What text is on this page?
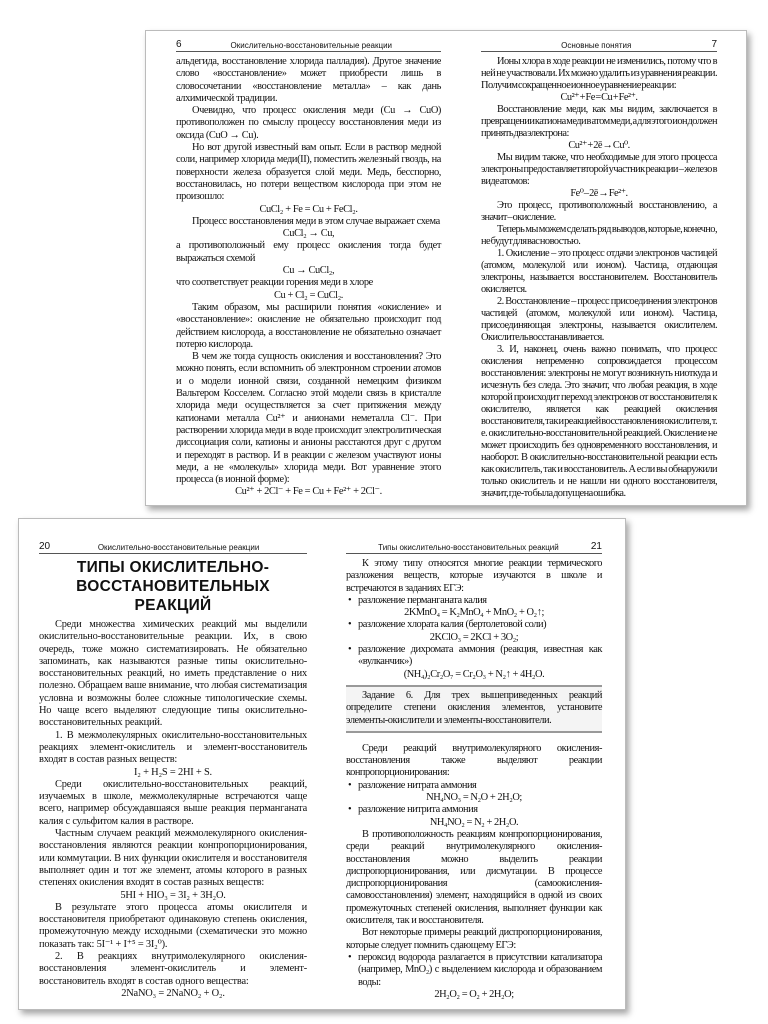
6	Окислительно-восстановительные реакции
альдегида, восстановление хлорида палладия). Другое значение слово «восстановление» может приобрести лишь в словосочетании «восстановление металла» – как дань алхимической традиции.
Очевидно, что процесс окисления меди (Cu → CuO) противоположен по смыслу процессу восстановления меди из оксида (CuO → Cu).
Но вот другой известный вам опыт. Если в раствор медной соли, например хлорида меди(II), поместить железный гвоздь, на поверхности железа образуется слой меди. Медь, бесспорно, восстановилась, но потери веществом кислорода при этом не произошло:
CuCl₂ + Fe = Cu + FeCl₂.
Процесс восстановления меди в этом случае выражает схема
CuCl₂ → Cu,
а противоположный ему процесс окисления тогда будет выражаться схемой
Cu → CuCl₂,
что соответствует реакции горения меди в хлоре
Cu + Cl₂ = CuCl₂.
Таким образом, мы расширили понятия «окисление» и «восстановление»: окисление не обязательно происходит под действием кислорода, а восстановление не обязательно означает потерю кислорода.
В чем же тогда сущность окисления и восстановления? Это можно понять, если вспомнить об электронном строении атомов и о модели ионной связи, созданной немецким физиком Вальтером Косселем. Согласно этой модели связь в кристалле хлорида меди осуществляется за счет притяжения между катионами металла Cu²⁺ и анионами неметалла Cl⁻. При растворении хлорида меди в воде происходит электролитическая диссоциация соли, катионы и анионы расстаются друг с другом и переходят в раствор. И в реакции с железом участвуют ионы меди, а не «молекулы» хлорида меди. Вот уравнение этого процесса (в ионной форме):
Cu²⁺ + 2Cl⁻ + Fe = Cu + Fe²⁺ + 2Cl⁻.
Основные понятия	7
Ионы хлора в ходе реакции не изменились, потому что в ней не участвовали. Их можно удалить из уравнения реакции. Получим сокращенное ионное уравнение реакции:
Cu²⁺ + Fe = Cu + Fe²⁺.
Восстановление меди, как мы видим, заключается в превращении катиона меди в атом меди, а для этого ион должен принять два электрона:
Cu²⁺ + 2ē → Cu⁰.
Мы видим также, что необходимые для этого процесса электроны предоставляет второй участник реакции – железо в виде атомов:
Fe⁰ – 2ē → Fe²⁺.
Это процесс, противоположный восстановлению, а значит – окисление.
Теперь мы можем сделать ряд выводов, которые, конечно, не будут для вас новостью.
1. Окисление – это процесс отдачи электронов частицей (атомом, молекулой или ионом). Частица, отдающая электроны, называется восстановителем. Восстановитель окисляется.
2. Восстановление – процесс присоединения электронов частицей (атомом, молекулой или ионом). Частица, присоединяющая электроны, называется окислителем. Окислитель восстанавливается.
3. И, наконец, очень важно понимать, что процесс окисления непременно сопровождается процессом восстановления: электроны не могут возникнуть ниоткуда и исчезнуть без следа. Это значит, что любая реакция, в ходе которой происходит переход электронов от восстановителя к окислителю, является как реакцией окисления восстановителя, так и реакцией восстановления окислителя, т. е. окислительно-восстановительной реакцией. Окисление не может происходить без одновременного восстановления, и наоборот. В окислительно-восстановительной реакции есть как окислитель, так и восстановитель. А если вы обнаружили только окислитель и не нашли ни одного восстановителя, значит, где-то была допущена ошибка.
20	Окислительно-восстановительные реакции
ТИПЫ ОКИСЛИТЕЛЬНО-ВОССТАНОВИТЕЛЬНЫХ РЕАКЦИЙ
Среди множества химических реакций мы выделили окислительно-восстановительные реакции. Их, в свою очередь, тоже можно систематизировать. Не обязательно запоминать, как называются разные типы окислительно-восстановительных реакций, но иметь представление о них полезно. Обращаем ваше внимание, что любая систематизация условна и возможны более сложные типологические схемы. Но чаще всего выделяют следующие типы окислительно-восстановительных реакций.
1. В межмолекулярных окислительно-восстановительных реакциях элемент-окислитель и элемент-восстановитель входят в состав разных веществ:
I₂ + H₂S = 2HI + S.
Среди окислительно-восстановительных реакций, изучаемых в школе, межмолекулярные встречаются чаще всего, например обсуждавшаяся выше реакция перманганата калия с сульфитом калия в растворе.
Частным случаем реакций межмолекулярного окисления-восстановления являются реакции конпропорционирования, или коммутации. В них функции окислителя и восстановителя выполняет один и тот же элемент, атомы которого в разных степенях окисления входят в состав разных веществ:
5HI + HIO₃ = 3I₂ + 3H₂O.
В результате этого процесса атомы окислителя и восстановителя приобретают одинаковую степень окисления, промежуточную между исходными (схематически это можно показать так: 5I⁻¹ + I⁺⁵ = 3I₂⁰).
2. В реакциях внутримолекулярного окисления-восстановления элемент-окислитель и элемент-восстановитель входят в состав одного вещества:
2NaNO₃ = 2NaNO₂ + O₂.
Типы окислительно-восстановительных реакций	21
К этому типу относятся многие реакции термического разложения веществ, которые изучаются в школе и встречаются в заданиях ЕГЭ:
• разложение перманганата калия
2KMnO₄ = K₂MnO₄ + MnO₂ + O₂↑;
• разложение хлората калия (бертолетовой соли)
2KClO₃ = 2KCl + 3O₂;
• разложение дихромата аммония (реакция, известная как «вулканчик»)
(NH₄)₂Cr₂O₇ = Cr₂O₃ + N₂↑ + 4H₂O.
Задание 6. Для трех вышеприведенных реакций определите степени окисления элементов, установите элементы-окислители и элементы-восстановители.
Среди реакций внутримолекулярного окисления-восстановления также выделяют реакции конпропорционирования:
• разложение нитрата аммония
NH₄NO₃ = N₂O + 2H₂O;
• разложение нитрита аммония
NH₄NO₂ = N₂ + 2H₂O.
В противоположность реакциям конпропорционирования, среди реакций внутримолекулярного окисления-восстановления можно выделить реакции диспропорционирования, или дисмутации. В процессе диспропорционирования (самоокисления-самовосстановления) элемент, находящийся в одной из своих промежуточных степеней окисления, выполняет функции как окислителя, так и восстановителя.
Вот некоторые примеры реакций диспропорционирования, которые следует помнить сдающему ЕГЭ:
• пероксид водорода разлагается в присутствии катализатора (например, MnO₂) с выделением кислорода и образованием воды:
2H₂O₂ = O₂ + 2H₂O;
